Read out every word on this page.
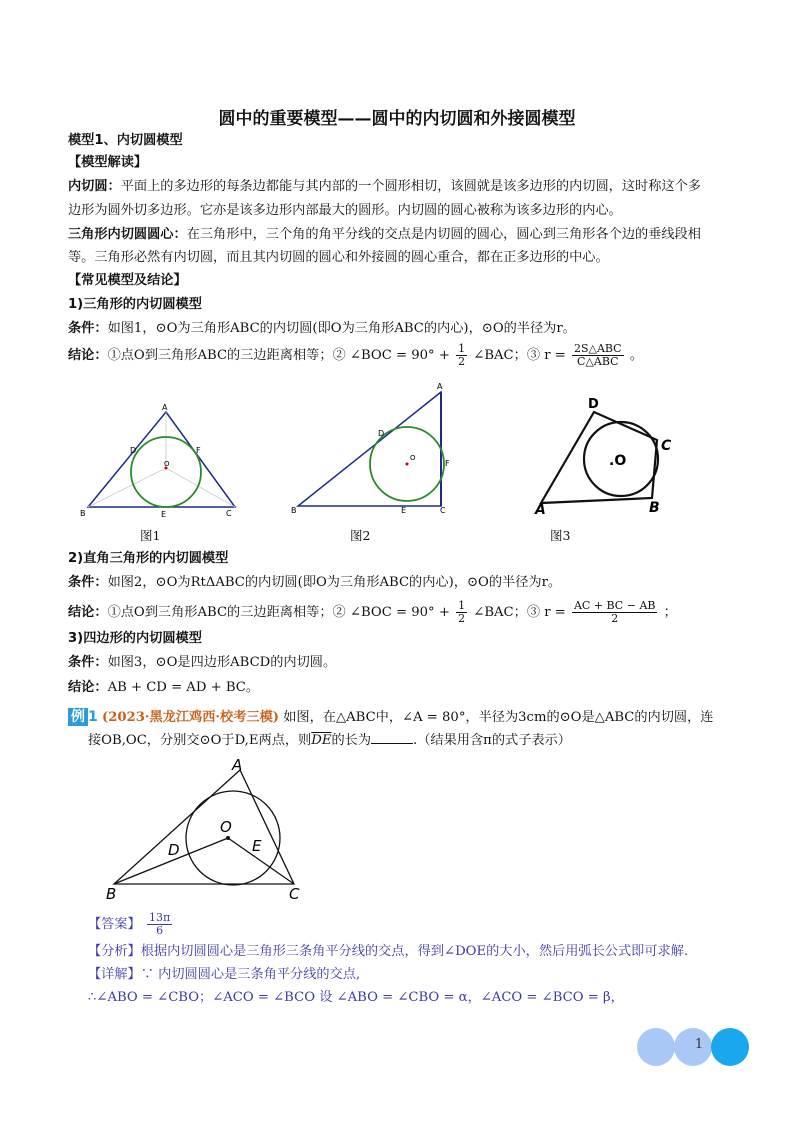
圆中的重要模型——圆中的内切圆和外接圆模型
模型1、内切圆模型
【模型解读】
内切圆：平面上的多边形的每条边都能与其内部的一个圆形相切，该圆就是该多边形的内切圆，这时称这个多
边形为圆外切多边形。它亦是该多边形内部最大的圆形。内切圆的圆心被称为该多边形的内心。
三角形内切圆圆心：在三角形中，三个角的角平分线的交点是内切圆的圆心，圆心到三角形各个边的垂线段相
等。三角形必然有内切圆，而且其内切圆的圆心和外接圆的圆心重合，都在正多边形的中心。
【常见模型及结论】
1)三角形的内切圆模型
条件：如图1，⊙O为三角形ABC的内切圆(即O为三角形ABC的内心)，⊙O的半径为r。
结论：①点O到三角形ABC的三边距离相等；② ∠BOC = $90^\circ + \frac{1}{2}$ ∠BAC；③ $r = \frac{\text{2S△ABC}}{\text{C△ABC}}$ 。
A
B	C
D
E
F
O
A
B	C
D
E
F
O
D
C
A	B
.O
图1	图2	图3
2)直角三角形的内切圆模型
条件：如图2，⊙O为RtΔABC的内切圆(即O为三角形ABC的内心)，⊙O的半径为r。
结论：①点O到三角形ABC的三边距离相等；② ∠BOC = $90^\circ + \frac{1}{2}$ ∠BAC；③ $r = \frac{AC + BC - AB}{2}$ ；
3)四边形的内切圆模型
条件：如图3，⊙O是四边形ABCD的内切圆。
结论：AB + CD = AD + BC。
例 1 (2023·黑龙江鸡西·校考三模) 如图，在△ABC中，∠A = 80°，半径为3cm的⊙O是△ABC的内切圆，连
接OB,OC，分别交⊙O于D,E两点，则$\overline{DE}$的长为	.（结果用含π的式子表示）
A
B	C
D	E
O
【答案】 $\frac{13\pi}{6}$
【分析】根据内切圆圆心是三角形三条角平分线的交点，得到∠DOE的大小，然后用弧长公式即可求解.
【详解】∵ 内切圆圆心是三条角平分线的交点,
∴∠ABO = ∠CBO；∠ACO = ∠BCO 设 ∠ABO = ∠CBO = α，∠ACO = ∠BCO = β，
1
